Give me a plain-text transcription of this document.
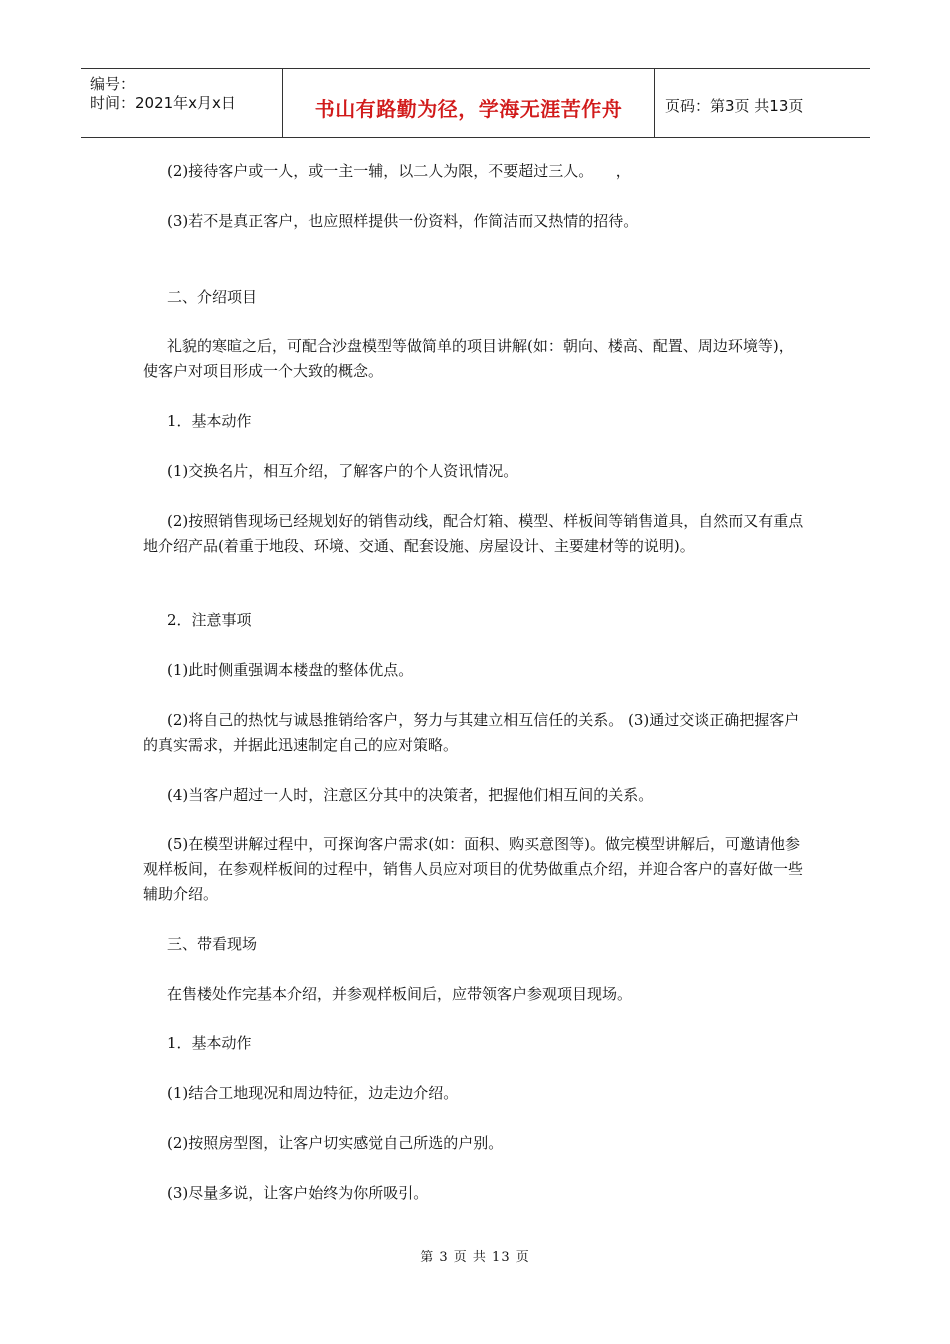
编号：
时间：2021年x月x日	书山有路勤为径，学海无涯苦作舟	页码：第3页 共13页
(2)接待客户或一人，或一主一辅，以二人为限，不要超过三人。　　，
(3)若不是真正客户，也应照样提供一份资料，作简洁而又热情的招待。
二、介绍项目
礼貌的寒暄之后，可配合沙盘模型等做简单的项目讲解(如：朝向、楼高、配置、周边环境等)，使客户对项目形成一个大致的概念。
1．基本动作
(1)交换名片，相互介绍，了解客户的个人资讯情况。
(2)按照销售现场已经规划好的销售动线，配合灯箱、模型、样板间等销售道具，自然而又有重点地介绍产品(着重于地段、环境、交通、配套设施、房屋设计、主要建材等的说明)。
2．注意事项
(1)此时侧重强调本楼盘的整体优点。
(2)将自己的热忱与诚恳推销给客户，努力与其建立相互信任的关系。 (3)通过交谈正确把握客户的真实需求，并据此迅速制定自己的应对策略。
(4)当客户超过一人时，注意区分其中的决策者，把握他们相互间的关系。
(5)在模型讲解过程中，可探询客户需求(如：面积、购买意图等)。做完模型讲解后，可邀请他参观样板间，在参观样板间的过程中，销售人员应对项目的优势做重点介绍，并迎合客户的喜好做一些辅助介绍。
三、带看现场
在售楼处作完基本介绍，并参观样板间后，应带领客户参观项目现场。
1．基本动作
(1)结合工地现况和周边特征，边走边介绍。
(2)按照房型图，让客户切实感觉自己所选的户别。
(3)尽量多说，让客户始终为你所吸引。
第 3 页 共 13 页
